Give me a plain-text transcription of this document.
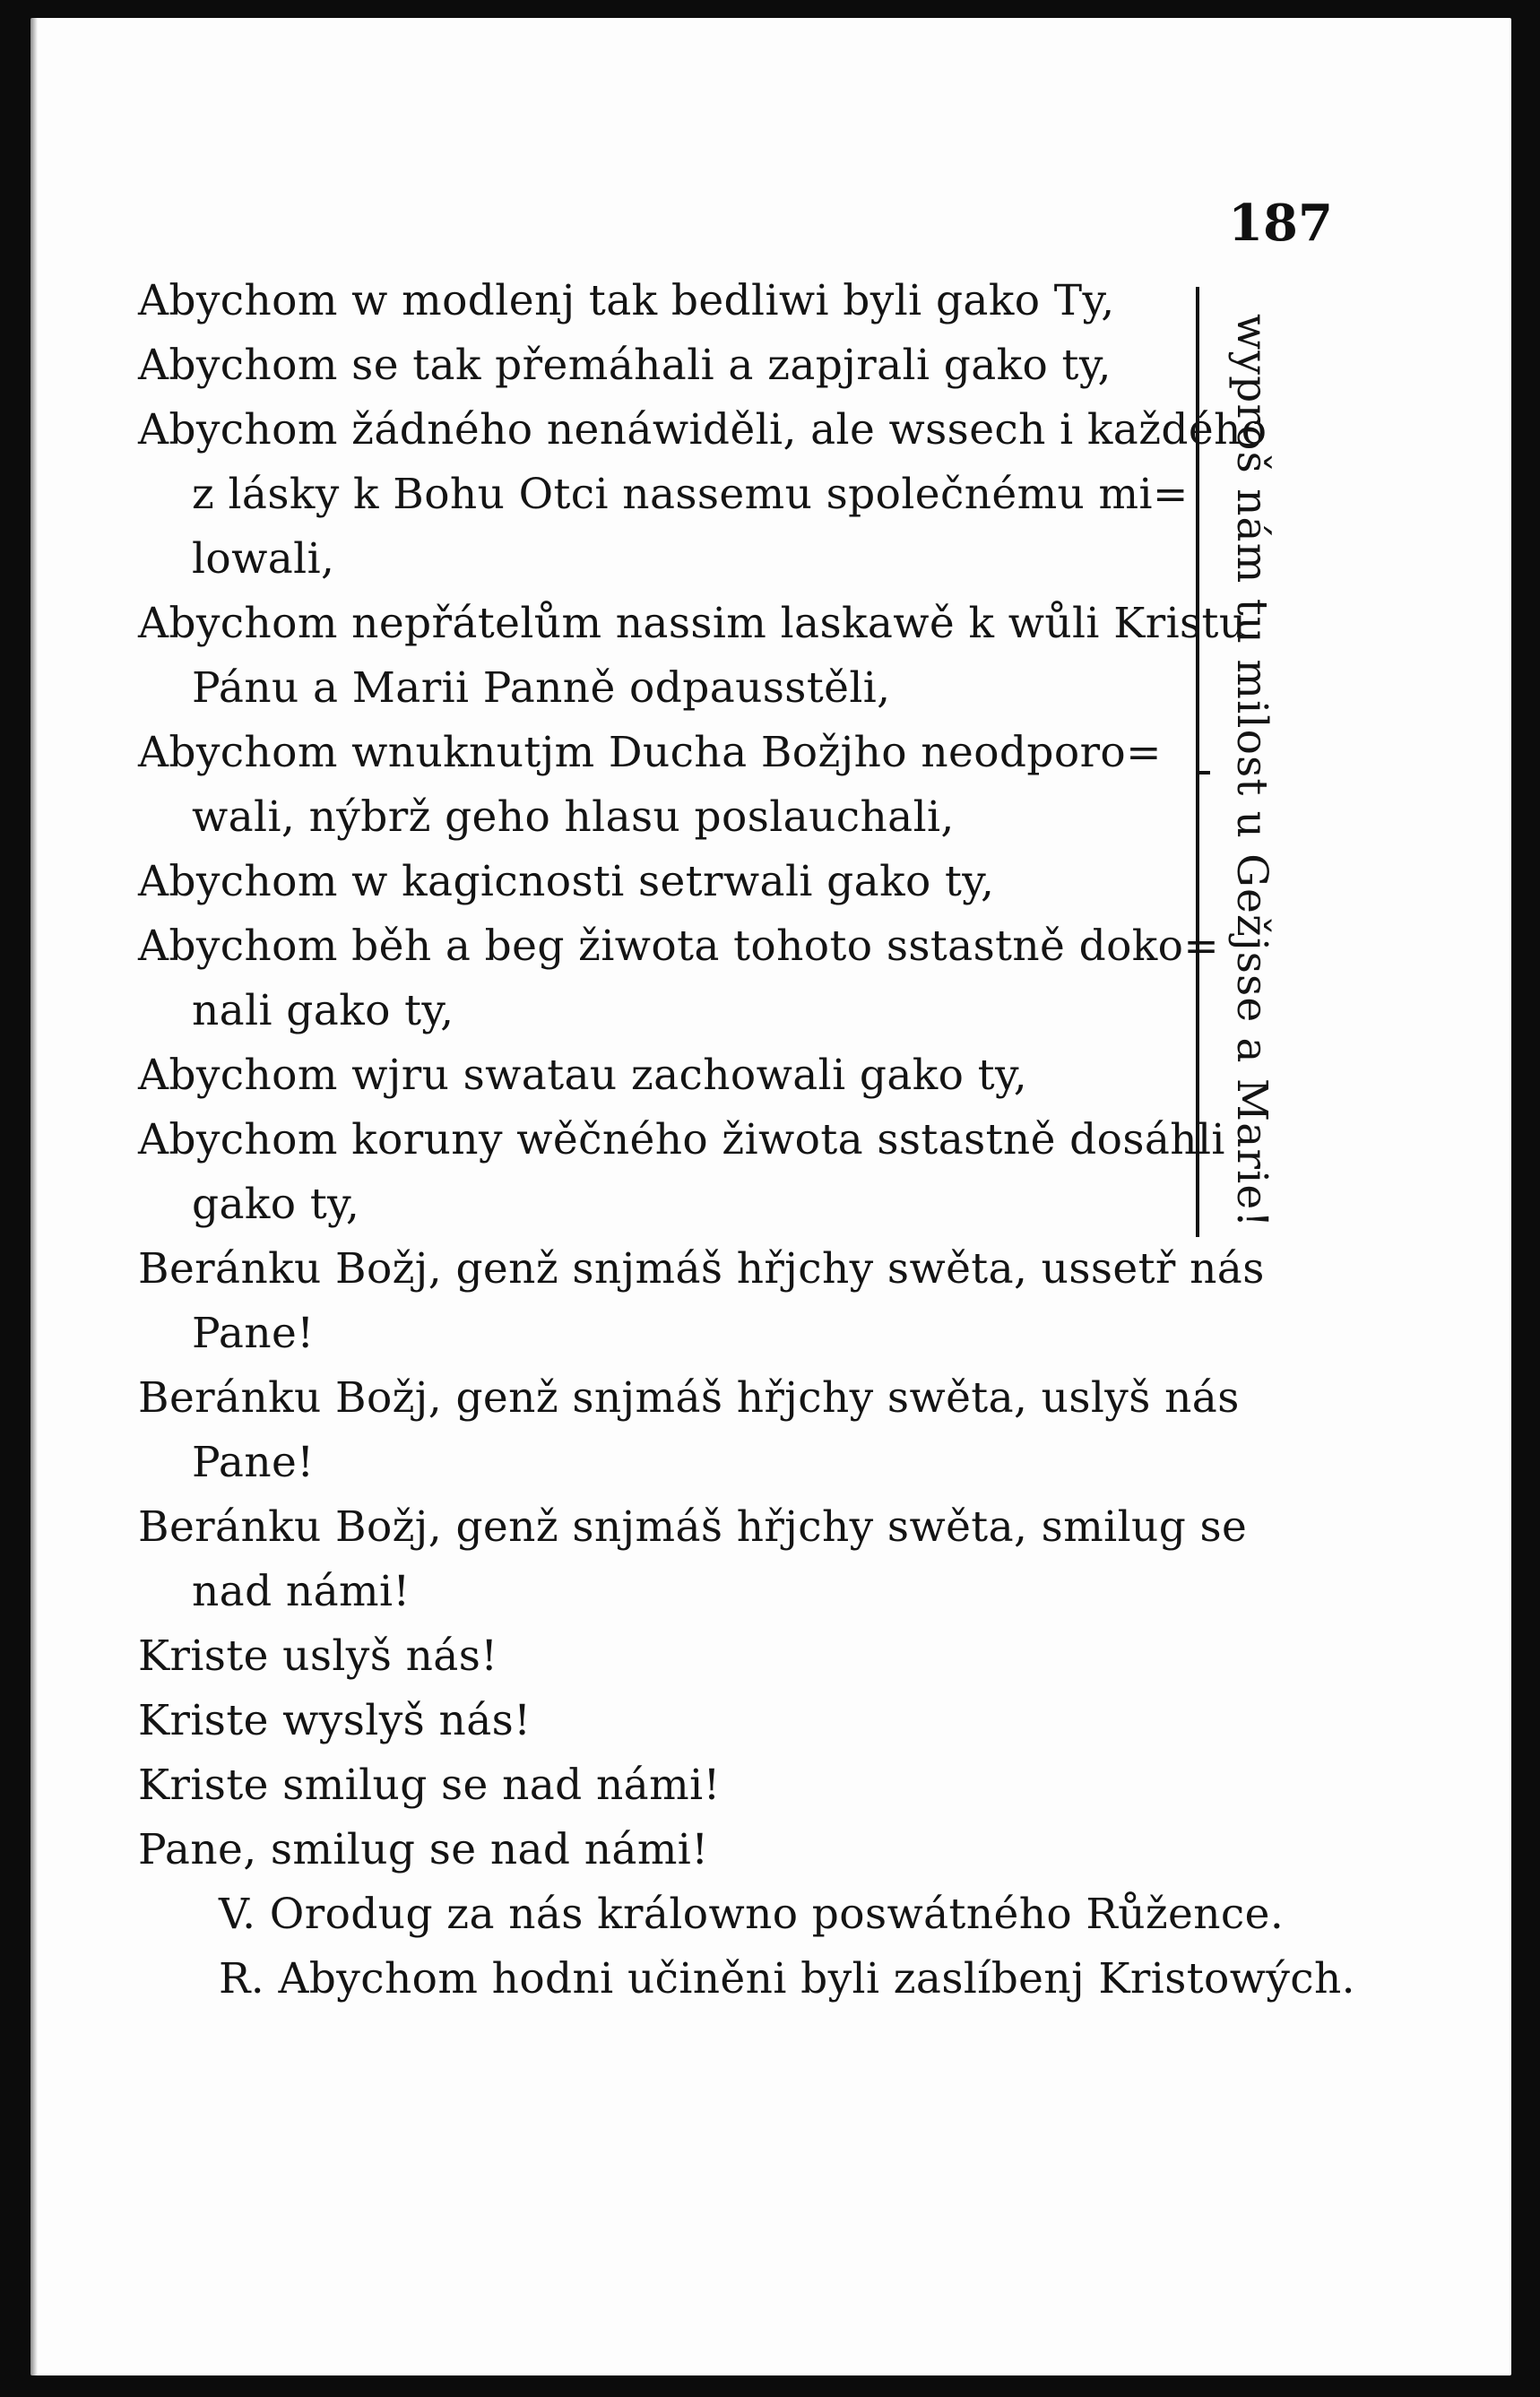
187
Abychom w modlenj tak bedliwi byli gako Ty,
Abychom se tak přemáhali a zapjrali gako ty,
Abychom žádného nenáwiděli, ale wssech i každého
z lásky k Bohu Otci nassemu společnému mi=
lowali,
Abychom nepřátelům nassim laskawě k wůli Kristu
Pánu a Marii Panně odpausstěli,
Abychom wnuknutjm Ducha Božjho neodporo=
wali, nýbrž geho hlasu poslauchali,
Abychom w kagicnosti setrwali gako ty,
Abychom běh a beg žiwota tohoto sstastně doko=
nali gako ty,
Abychom wjru swatau zachowali gako ty,
Abychom koruny wěčného žiwota sstastně dosáhli
gako ty,
Beránku Božj, genž snjmáš hřjchy swěta, ussetř nás
Pane!
Beránku Božj, genž snjmáš hřjchy swěta, uslyš nás
Pane!
Beránku Božj, genž snjmáš hřjchy swěta, smilug se
nad námi!
Kriste uslyš nás!
Kriste wyslyš nás!
Kriste smilug se nad námi!
Pane, smilug se nad námi!
V. Orodug za nás králowno poswátného Růžence.
R. Abychom hodni učiněni byli zaslíbenj Kristowých.
wyproš nám tu milost u Gežjsse a Marie!
